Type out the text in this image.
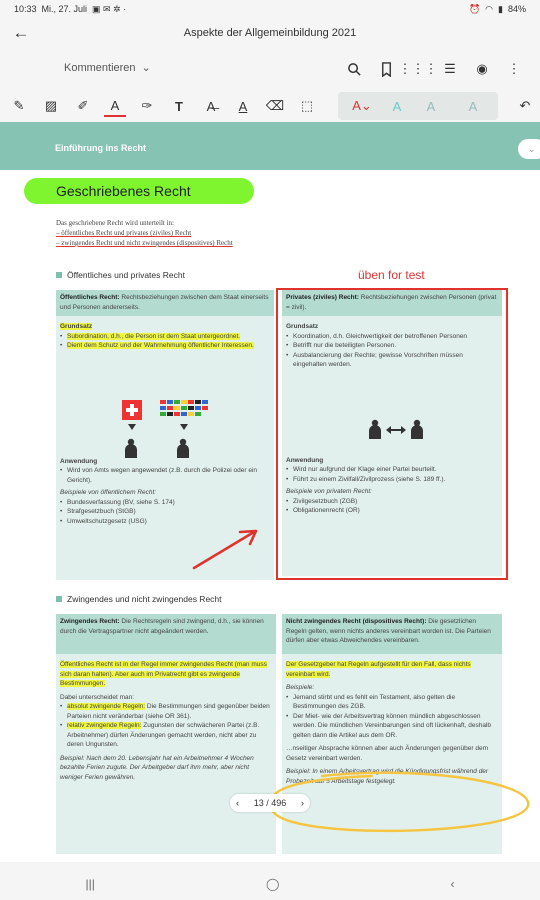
10:33 Mi., 27. Juli ▣ ✉ ✲ ·	⏰ ◠ ▮ 84%
←	Aspekte der Allgemeinbildung 2021
Kommentieren ⌄	⋮⋮⋮ ☰	◉	⋮
✎	▨	✐	A	✑	T	A̶	A	⌫	⬚	A⌄	A	A	A	↶
Einführung ins Recht	⌄
Geschriebenes Recht
Das geschriebene Recht wird unterteilt in:
– öffentliches Recht und privates (ziviles) Recht
– zwingendes Recht und nicht zwingendes (dispositives) Recht
Öffentliches und privates Recht	üben for test
Öffentliches Recht: Rechtsbeziehungen zwischen dem Staat einerseits und Personen andererseits.
Grundsatz
• Subordination, d.h., die Person ist dem Staat untergeordnet.
• Dient dem Schutz und der Wahrnehmung öffentlicher Interessen.
Anwendung
• Wird von Amts wegen angewendet (z.B. durch die Polizei oder ein Gericht).
Beispiele von öffentlichem Recht:
• Bundesverfassung (BV, siehe S. 174)
• Strafgesetzbuch (StGB)
• Umweltschutzgesetz (USG)
Privates (ziviles) Recht: Rechtsbeziehungen zwischen Personen (privat = zivil).
Grundsatz
• Koordination, d.h. Gleichwertigkeit der betroffenen Personen
• Betrifft nur die beteiligten Personen.
• Ausbalancierung der Rechte; gewisse Vorschriften müssen eingehalten werden.
Anwendung
• Wird nur aufgrund der Klage einer Partei beurteilt.
• Führt zu einem Zivilfall/Zivilprozess (siehe S. 189 ff.).
Beispiele von privatem Recht:
• Zivilgesetzbuch (ZGB)
• Obligationenrecht (OR)
Zwingendes und nicht zwingendes Recht
Zwingendes Recht: Die Rechtsregeln sind zwingend, d.h., sie können durch die Vertragspartner nicht abgeändert werden.
Öffentliches Recht ist in der Regel immer zwingendes Recht (man muss sich daran halten). Aber auch im Privatrecht gibt es zwingende Bestimmungen.
Dabei unterscheidet man:
• absolut zwingende Regeln: Die Bestimmungen sind gegenüber beiden Parteien nicht veränderbar (siehe OR 361).
• relativ zwingende Regeln: Zugunsten der schwächeren Partei (z.B. Arbeitnehmer) dürfen Änderungen gemacht werden, nicht aber zu deren Ungunsten.
Beispiel: Nach dem 20. Lebensjahr hat ein Arbeitnehmer 4 Wochen bezahlte Ferien zugute. Der Arbeitgeber darf ihm mehr, aber nicht weniger Ferien gewähren.
Nicht zwingendes Recht (dispositives Recht): Die gesetzlichen Regeln gelten, wenn nichts anderes vereinbart worden ist. Die Parteien dürfen aber etwas Abweichendes vereinbaren.
Der Gesetzgeber hat Regeln aufgestellt für den Fall, dass nichts vereinbart wird.
Beispiele:
• Jemand stirbt und es fehlt ein Testament, also gelten die Bestimmungen des ZGB.
• Der Miet- wie der Arbeitsvertrag können mündlich abgeschlossen werden. Die mündlichen Vereinbarungen sind oft lückenhaft, deshalb gelten dann die Artikel aus dem OR.
…nseitiger Absprache können aber auch Änderungen gegenüber dem Gesetz vereinbart werden.
Beispiel: In einem Arbeitsvertrag wird die Kündigungsfrist während der Probezeit auf 5 Arbeitstage festgelegt.
‹ 13 / 496 ›
|||	◯	‹
